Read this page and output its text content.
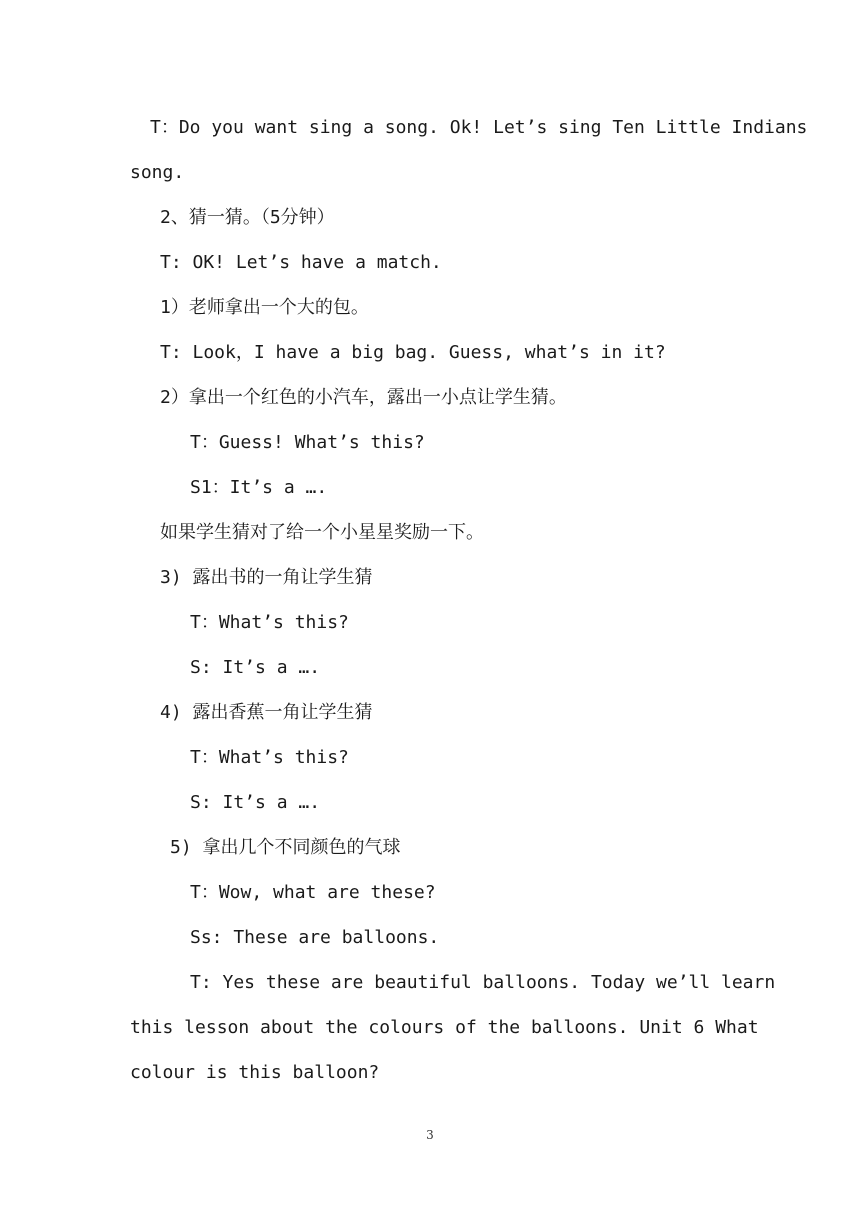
T：Do you want sing a song. Ok! Let’s sing Ten Little Indians
song.
2、猜一猜。（5分钟）
T: OK! Let’s have a match.
1）老师拿出一个大的包。
T: Look，I have a big bag. Guess, what’s in it?
2）拿出一个红色的小汽车，露出一小点让学生猜。
T：Guess! What’s this?
S1：It’s a ….
如果学生猜对了给一个小星星奖励一下。
3) 露出书的一角让学生猜
T：What’s this?
S: It’s a ….
4) 露出香蕉一角让学生猜
T：What’s this?
S: It’s a ….
5) 拿出几个不同颜色的气球
T：Wow, what are these?
Ss: These are balloons.
T: Yes these are beautiful balloons. Today we’ll learn
this lesson about the colours of the balloons. Unit 6 What
colour is this balloon?
3
